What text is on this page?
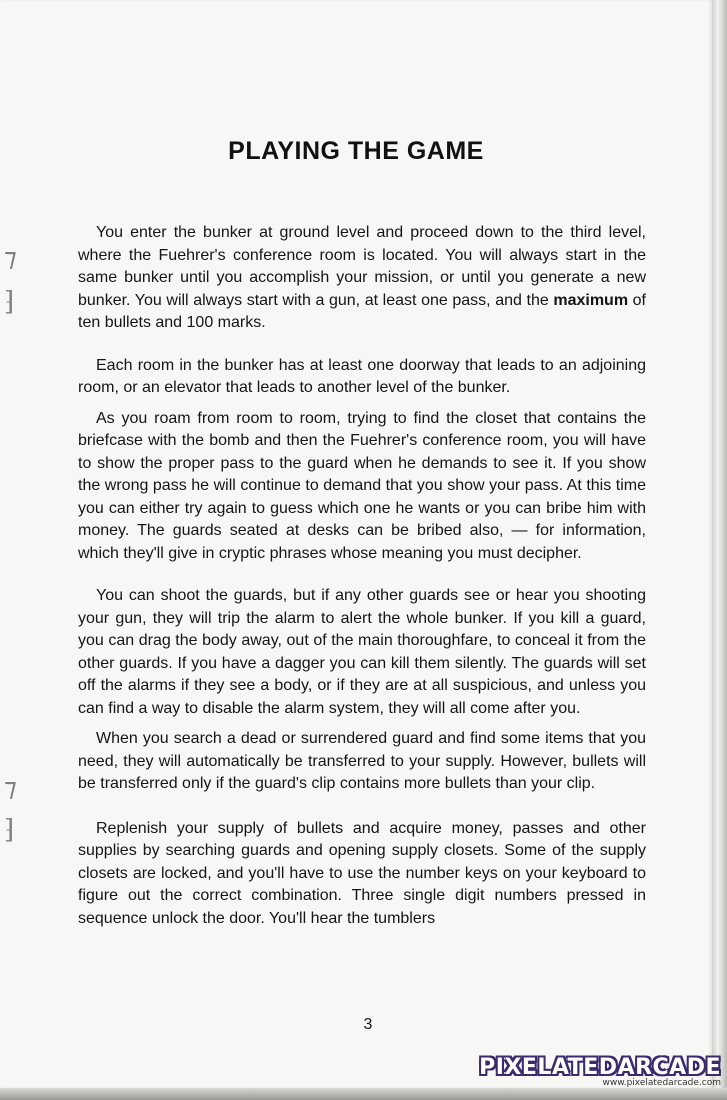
⁊
⁆
⁊
⁆
PLAYING THE GAME

You enter the bunker at ground level and proceed down to the third level, where the Fuehrer's conference room is located. You will always start in the same bunker until you accomplish your mission, or until you generate a new bunker. You will always start with a gun, at least one pass, and the maximum of ten bullets and 100 marks.

Each room in the bunker has at least one doorway that leads to an adjoining room, or an elevator that leads to another level of the bunker.

As you roam from room to room, trying to find the closet that contains the briefcase with the bomb and then the Fuehrer's conference room, you will have to show the proper pass to the guard when he demands to see it. If you show the wrong pass he will continue to demand that you show your pass. At this time you can either try again to guess which one he wants or you can bribe him with money. The guards seated at desks can be bribed also, — for information, which they'll give in cryptic phrases whose meaning you must decipher.

You can shoot the guards, but if any other guards see or hear you shooting your gun, they will trip the alarm to alert the whole bunker. If you kill a guard, you can drag the body away, out of the main thoroughfare, to conceal it from the other guards. If you have a dagger you can kill them silently. The guards will set off the alarms if they see a body, or if they are at all suspicious, and unless you can find a way to disable the alarm system, they will all come after you.

When you search a dead or surrendered guard and find some items that you need, they will automatically be transferred to your supply. However, bullets will be transferred only if the guard's clip contains more bullets than your clip.

Replenish your supply of bullets and acquire money, passes and other supplies by searching guards and opening supply closets. Some of the supply closets are locked, and you'll have to use the number keys on your keyboard to figure out the correct combination. Three single digit numbers pressed in sequence unlock the door. You'll hear the tumblers

3
PIXELATEDARCADE
www.pixelatedarcade.com
